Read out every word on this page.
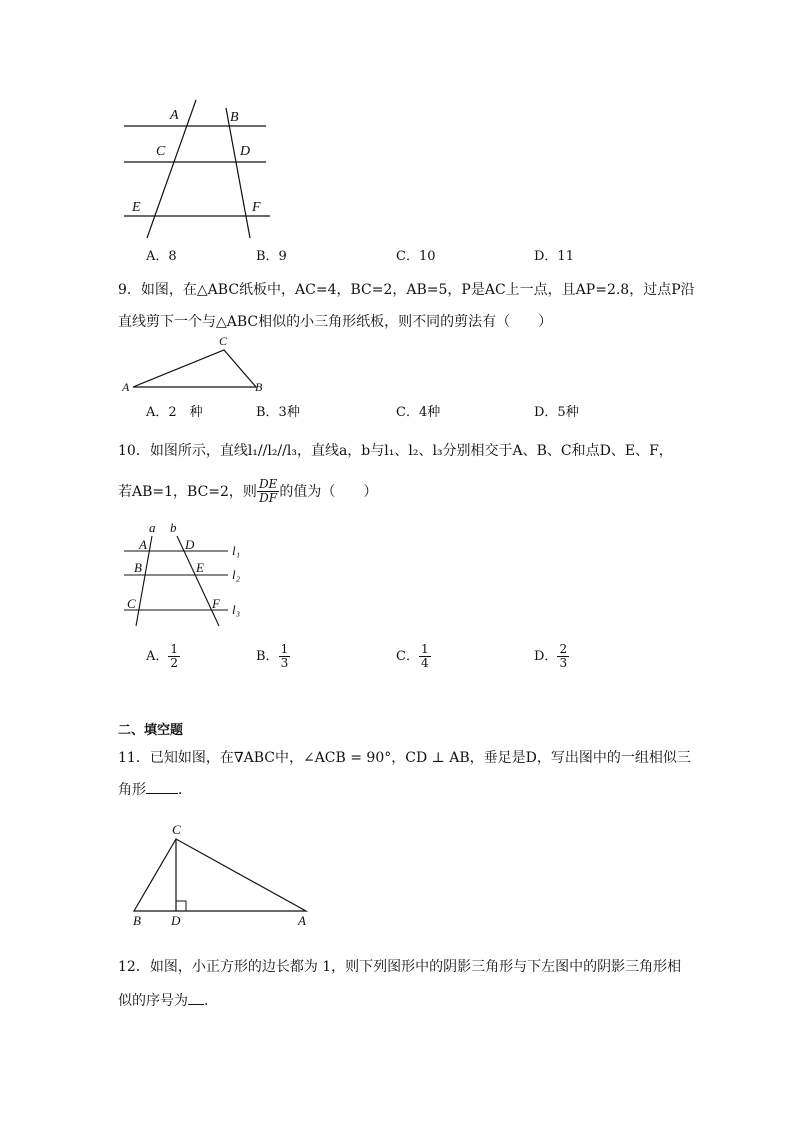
A	B
C	D
E	F
A．8	B．9	C．10	D．11
9．如图，在△ABC纸板中，AC=4，BC=2，AB=5，P是AC上一点，且AP=2.8，过点P沿
直线剪下一个与△ABC相似的小三角形纸板，则不同的剪法有（　　）
C
A	B
A．2　种	B．3种	C．4种	D．5种
10．如图所示，直线l₁//l₂//l₃，直线a，b与l₁、l₂、l₃分别相交于A、B、C和点D、E、F，
若AB=1，BC=2，则 $\frac{DE}{DF}$ 的值为（　　）
a b
A	D
B	E
C	F
l₁
l₂
l₃
A． $\frac{1}{2}$	B． $\frac{1}{3}$	C． $\frac{1}{4}$	D． $\frac{2}{3}$
二、填空题
11．已知如图，在∇ABC中，∠ACB = 90°，CD ⊥ AB，垂足是D，写出图中的一组相似三
角形 ．
C
B D	A
12．如图，小正方形的边长都为 1，则下列图形中的阴影三角形与下左图中的阴影三角形相
似的序号为 ．
